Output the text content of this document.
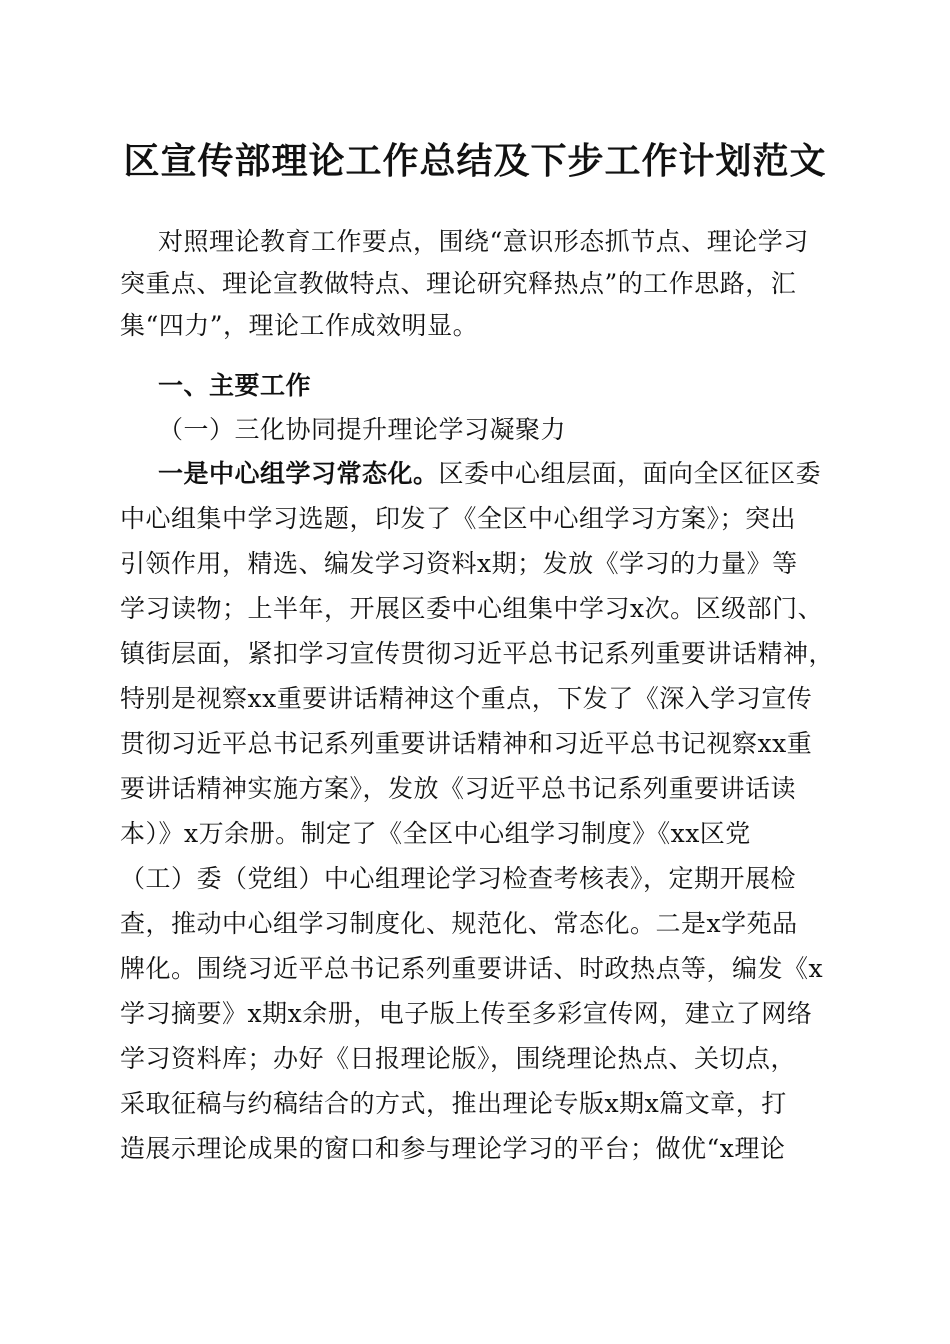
区宣传部理论工作总结及下步工作计划范文

对照理论教育工作要点，围绕“意识形态抓节点、理论学习

突重点、理论宣教做特点、理论研究释热点”的工作思路，汇

集“四力”，理论工作成效明显。

一、主要工作

（一）三化协同提升理论学习凝聚力

一是中心组学习常态化。区委中心组层面，面向全区征区委

中心组集中学习选题，印发了《全区中心组学习方案》；突出

引领作用，精选、编发学习资料x期；发放《学习的力量》等

学习读物；上半年，开展区委中心组集中学习x次。区级部门、

镇街层面，紧扣学习宣传贯彻习近平总书记系列重要讲话精神，

特别是视察xx重要讲话精神这个重点，下发了《深入学习宣传

贯彻习近平总书记系列重要讲话精神和习近平总书记视察xx重

要讲话精神实施方案》，发放《习近平总书记系列重要讲话读

本）》x万余册。制定了《全区中心组学习制度》《xx区党

（工）委（党组）中心组理论学习检查考核表》，定期开展检

查，推动中心组学习制度化、规范化、常态化。二是x学苑品

牌化。围绕习近平总书记系列重要讲话、时政热点等，编发《x

学习摘要》x期x余册，电子版上传至多彩宣传网，建立了网络

学习资料库；办好《日报理论版》，围绕理论热点、关切点，

采取征稿与约稿结合的方式，推出理论专版x期x篇文章，打

造展示理论成果的窗口和参与理论学习的平台；做优“x理论
